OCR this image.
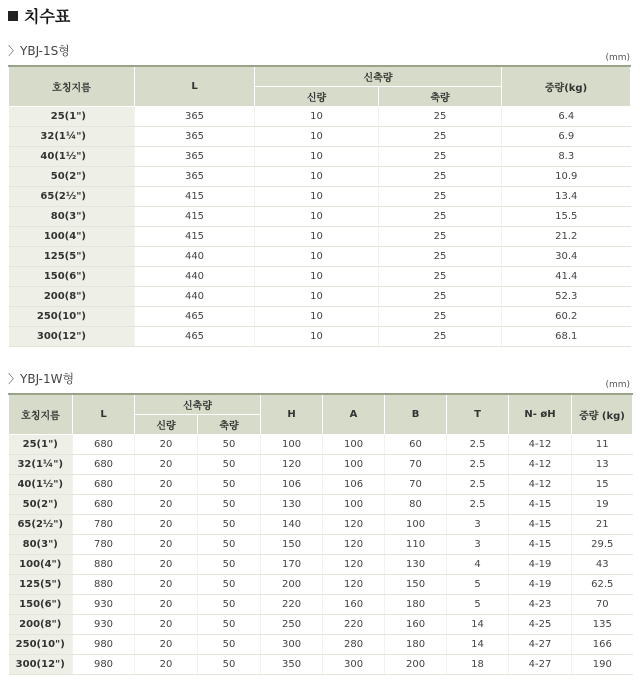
치수표
〉YBJ-1S형	(mm)
호칭지름	L	신축량		중량(kg)
		신량	축량	
25(1")	365	10	25	6.4
32(1¼")	365	10	25	6.9
40(1½")	365	10	25	8.3
50(2")	365	10	25	10.9
65(2½")	415	10	25	13.4
80(3")	415	10	25	15.5
100(4")	415	10	25	21.2
125(5")	440	10	25	30.4
150(6")	440	10	25	41.4
200(8")	440	10	25	52.3
250(10")	465	10	25	60.2
300(12")	465	10	25	68.1
〉YBJ-1W형	(mm)
호칭지름	L	신축량		H	A	B	T	N- øH	중량 (kg)
		신량	축량						
25(1")	680	20	50	100	100	60	2.5	4-12	11
32(1¼")	680	20	50	120	100	70	2.5	4-12	13
40(1½")	680	20	50	106	106	70	2.5	4-12	15
50(2")	680	20	50	130	100	80	2.5	4-15	19
65(2½")	780	20	50	140	120	100	3	4-15	21
80(3")	780	20	50	150	120	110	3	4-15	29.5
100(4")	880	20	50	170	120	130	4	4-19	43
125(5")	880	20	50	200	120	150	5	4-19	62.5
150(6")	930	20	50	220	160	180	5	4-23	70
200(8")	930	20	50	250	220	160	14	4-25	135
250(10")	980	20	50	300	280	180	14	4-27	166
300(12")	980	20	50	350	300	200	18	4-27	190
